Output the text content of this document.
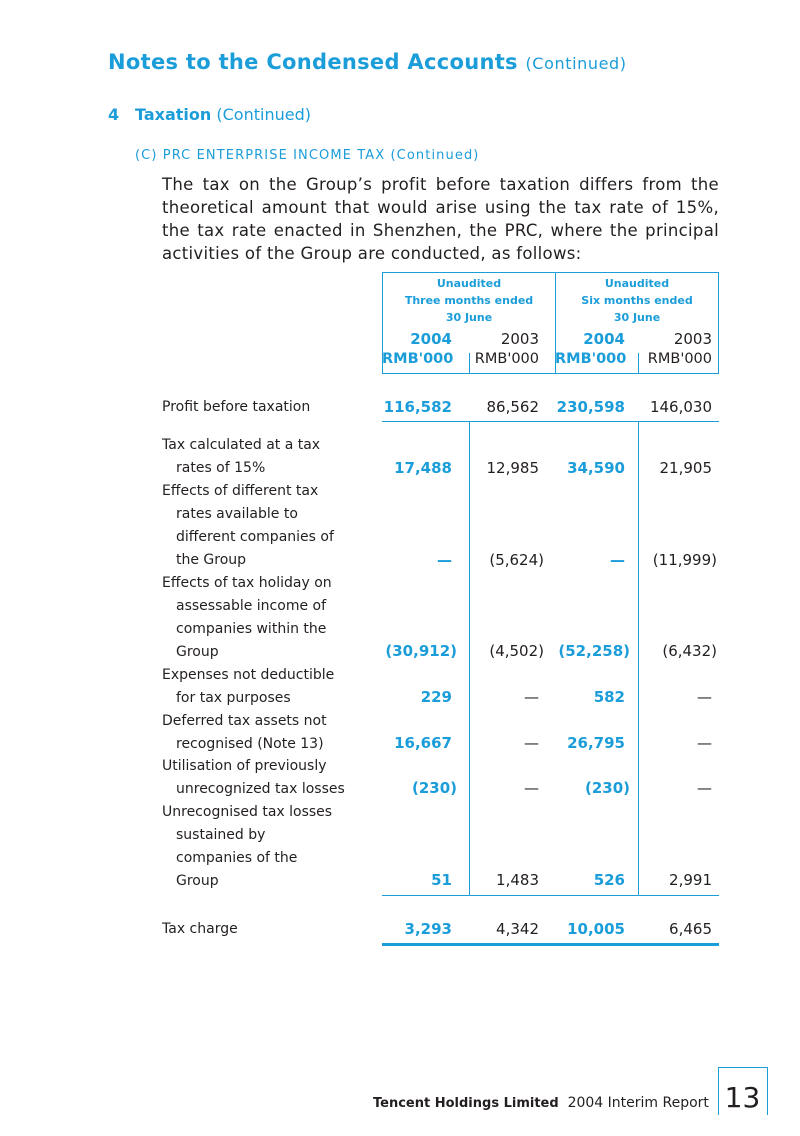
Notes to the Condensed Accounts (Continued)
4 Taxation (Continued)
(C) PRC ENTERPRISE INCOME TAX (Continued)
The tax on the Group’s profit before taxation differs from the theoretical amount that would arise using the tax rate of 15%, the tax rate enacted in Shenzhen, the PRC, where the principal activities of the Group are conducted, as follows:
Unaudited
Three months ended
30 June
Unaudited
Six months ended
30 June
2004	2003	2004	2003
RMB'000	RMB'000 RMB'000	RMB'000
Profit before taxation	116,582	86,562 230,598	146,030
Tax calculated at a tax
rates of 15%	17,488	12,985	34,590	21,905
Effects of different tax
rates available to
different companies of
the Group	—	(5,624)	—	(11,999)
Effects of tax holiday on
assessable income of
companies within the
Group	(30,912)	(4,502) (52,258)	(6,432)
Expenses not deductible
for tax purposes	229	—	582	—
Deferred tax assets not
recognised (Note 13)	16,667	—	26,795	—
Utilisation of previously
unrecognized tax losses	(230)	—	(230)	—
Unrecognised tax losses
sustained by
companies of the
Group	51	1,483	526	2,991
Tax charge	3,293	4,342	10,005	6,465
Tencent Holdings Limited 2004 Interim Report 13
